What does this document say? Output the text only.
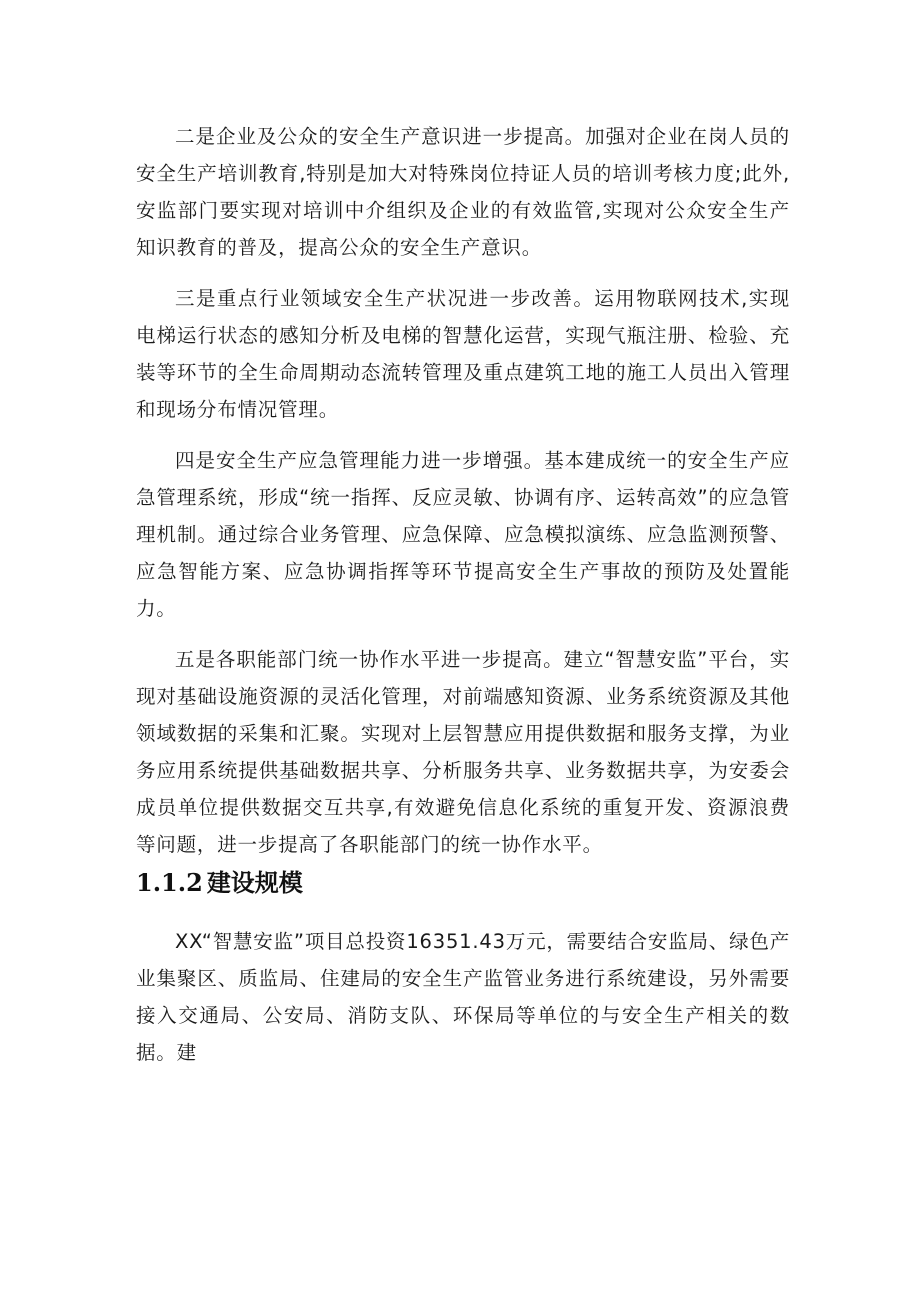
二是企业及公众的安全生产意识进一步提高。加强对企业在岗人员的安全生产培训教育,特别是加大对特殊岗位持证人员的培训考核力度;此外,安监部门要实现对培训中介组织及企业的有效监管,实现对公众安全生产知识教育的普及，提高公众的安全生产意识。

三是重点行业领域安全生产状况进一步改善。运用物联网技术,实现电梯运行状态的感知分析及电梯的智慧化运营，实现气瓶注册、检验、充装等环节的全生命周期动态流转管理及重点建筑工地的施工人员出入管理和现场分布情况管理。

四是安全生产应急管理能力进一步增强。基本建成统一的安全生产应急管理系统，形成“统一指挥、反应灵敏、协调有序、运转高效”的应急管理机制。通过综合业务管理、应急保障、应急模拟演练、应急监测预警、应急智能方案、应急协调指挥等环节提高安全生产事故的预防及处置能力。

五是各职能部门统一协作水平进一步提高。建立“智慧安监”平台，实现对基础设施资源的灵活化管理，对前端感知资源、业务系统资源及其他领域数据的采集和汇聚。实现对上层智慧应用提供数据和服务支撑，为业务应用系统提供基础数据共享、分析服务共享、业务数据共享，为安委会成员单位提供数据交互共享,有效避免信息化系统的重复开发、资源浪费等问题，进一步提高了各职能部门的统一协作水平。

1.1.2 建设规模

XX“智慧安监”项目总投资16351.43万元，需要结合安监局、绿色产业集聚区、质监局、住建局的安全生产监管业务进行系统建设，另外需要接入交通局、公安局、消防支队、环保局等单位的与安全生产相关的数据。建
